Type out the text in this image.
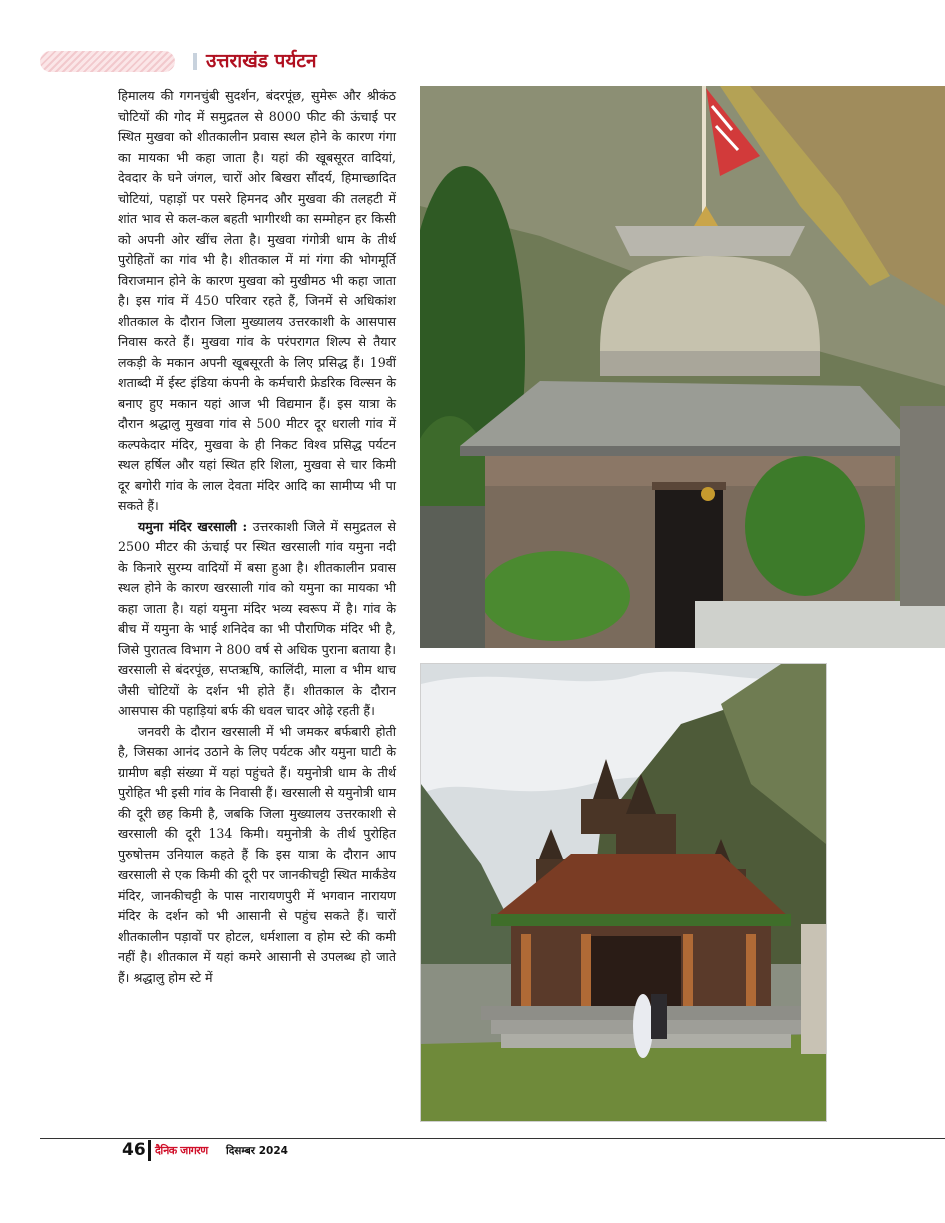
उत्तराखंड पर्यटन

हिमालय की गगनचुंबी सुदर्शन, बंदरपूंछ, सुमेरू और श्रीकंठ चोटियों की गोद में समुद्रतल से 8000 फीट की ऊंचाई पर स्थित मुखवा को शीतकालीन प्रवास स्थल होने के कारण गंगा का मायका भी कहा जाता है। यहां की खूबसूरत वादियां, देवदार के घने जंगल, चारों ओर बिखरा सौंदर्य, हिमाच्छादित चोटियां, पहाड़ों पर पसरे हिमनद और मुखवा की तलहटी में शांत भाव से कल-कल बहती भागीरथी का सम्मोहन हर किसी को अपनी ओर खींच लेता है। मुखवा गंगोत्री धाम के तीर्थ पुरोहितों का गांव भी है। शीतकाल में मां गंगा की भोगमूर्ति विराजमान होने के कारण मुखवा को मुखीमठ भी कहा जाता है। इस गांव में 450 परिवार रहते हैं, जिनमें से अधिकांश शीतकाल के दौरान जिला मुख्यालय उत्तरकाशी के आसपास निवास करते हैं। मुखवा गांव के परंपरागत शिल्प से तैयार लकड़ी के मकान अपनी खूबसूरती के लिए प्रसिद्ध हैं। 19वीं शताब्दी में ईस्ट इंडिया कंपनी के कर्मचारी फ्रेडरिक विल्सन के बनाए हुए मकान यहां आज भी विद्यमान हैं। इस यात्रा के दौरान श्रद्धालु मुखवा गांव से 500 मीटर दूर धराली गांव में कल्पकेदार मंदिर, मुखवा के ही निकट विश्व प्रसिद्ध पर्यटन स्थल हर्षिल और यहां स्थित हरि शिला, मुखवा से चार किमी दूर बगोरी गांव के लाल देवता मंदिर आदि का सामीप्य भी पा सकते हैं।

यमुना मंदिर खरसाली : उत्तरकाशी जिले में समुद्रतल से 2500 मीटर की ऊंचाई पर स्थित खरसाली गांव यमुना नदी के किनारे सुरम्य वादियों में बसा हुआ है। शीतकालीन प्रवास स्थल होने के कारण खरसाली गांव को यमुना का मायका भी कहा जाता है। यहां यमुना मंदिर भव्य स्वरूप में है। गांव के बीच में यमुना के भाई शनिदेव का भी पौराणिक मंदिर भी है, जिसे पुरातत्व विभाग ने 800 वर्ष से अधिक पुराना बताया है। खरसाली से बंदरपूंछ, सप्तऋषि, कालिंदी, माला व भीम थाच जैसी चोटियों के दर्शन भी होते हैं। शीतकाल के दौरान आसपास की पहाड़ियां बर्फ की धवल चादर ओढ़े रहती हैं।

जनवरी के दौरान खरसाली में भी जमकर बर्फबारी होती है, जिसका आनंद उठाने के लिए पर्यटक और यमुना घाटी के ग्रामीण बड़ी संख्या में यहां पहुंचते हैं। यमुनोत्री धाम के तीर्थ पुरोहित भी इसी गांव के निवासी हैं। खरसाली से यमुनोत्री धाम की दूरी छह किमी है, जबकि जिला मुख्यालय उत्तरकाशी से खरसाली की दूरी 134 किमी। यमुनोत्री के तीर्थ पुरोहित पुरुषोत्तम उनियाल कहते हैं कि इस यात्रा के दौरान आप खरसाली से एक किमी की दूरी पर जानकीचट्टी स्थित मार्कंडेय मंदिर, जानकीचट्टी के पास नारायणपुरी में भगवान नारायण मंदिर के दर्शन को भी आसानी से पहुंच सकते हैं। चारों शीतकालीन पड़ावों पर होटल, धर्मशाला व होम स्टे की कमी नहीं है। शीतकाल में यहां कमरे आसानी से उपलब्ध हो जाते हैं। श्रद्धालु होम स्टे में

46 दैनिक जागरण दिसम्बर 2024
